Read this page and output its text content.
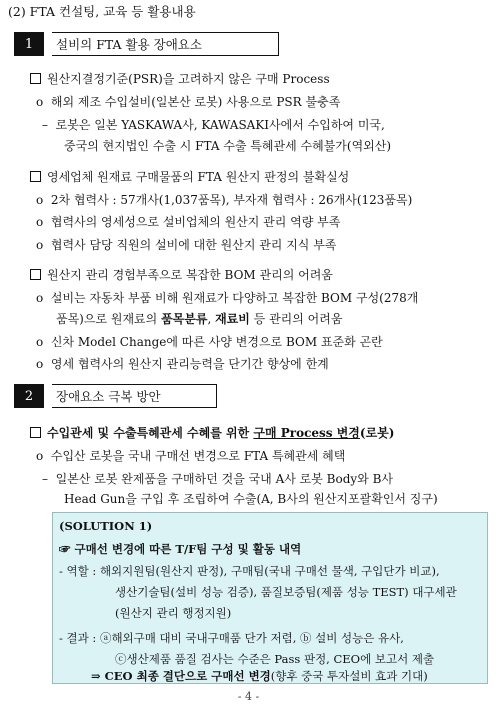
(2) FTA 컨설팅, 교육 등 활용내용
1	설비의 FTA 활용 장애요소
원산지결정기준(PSR)을 고려하지 않은 구매 Process
o  해외 제조 수입설비(일본산 로봇) 사용으로 PSR 불충족
–  로봇은 일본 YASKAWA사, KAWASAKI사에서 수입하여 미국,
중국의 현지법인 수출 시 FTA 수출 특혜관세 수혜불가(역외산)
영세업체 원재료 구매물품의 FTA 원산지 판정의 불확실성
o  2차 협력사 : 57개사(1,037품목), 부자재 협력사 : 26개사(123품목)
o  협력사의 영세성으로 설비업체의 원산지 관리 역량 부족
o  협력사 담당 직원의 설비에 대한 원산지 관리 지식 부족
원산지 관리 경험부족으로 복잡한 BOM 관리의 어려움
o  설비는 자동차 부품 비해 원재료가 다양하고 복잡한 BOM 구성(278개
품목)으로 원재료의 품목분류, 재료비 등 관리의 어려움
o  신차 Model Change에 따른 사양 변경으로 BOM 표준화 곤란
o  영세 협력사의 원산지 관리능력을 단기간 향상에 한계
2	장애요소 극복 방안
수입관세 및 수출특혜관세 수혜를 위한 구매 Process 변경(로봇)
o  수입산 로봇을 국내 구매선 변경으로 FTA 특혜관세 혜택
–  일본산 로봇 완제품을 구매하던 것을 국내 A사 로봇 Body와 B사
Head Gun을 구입 후 조립하여 수출(A, B사의 원산지포괄확인서 징구)
(SOLUTION 1)
☞ 구매선 변경에 따른 T/F팀 구성 및 활동 내역
- 역할 : 해외지원팀(원산지 판정), 구매팀(국내 구매선 물색, 구입단가 비교),
생산기술팀(설비 성능 검증), 품질보증팀(제품 성능 TEST) 대구세관
(원산지 관리 행정지원)
- 결과 : ⓐ해외구매 대비 국내구매품 단가 저렴, ⓑ 설비 성능은 유사,
ⓒ생산제품 품질 검사는 수준은 Pass 판정, CEO에 보고서 제출
⇒ CEO 최종 결단으로 구매선 변경(향후 중국 투자설비 효과 기대)
- 4 -
